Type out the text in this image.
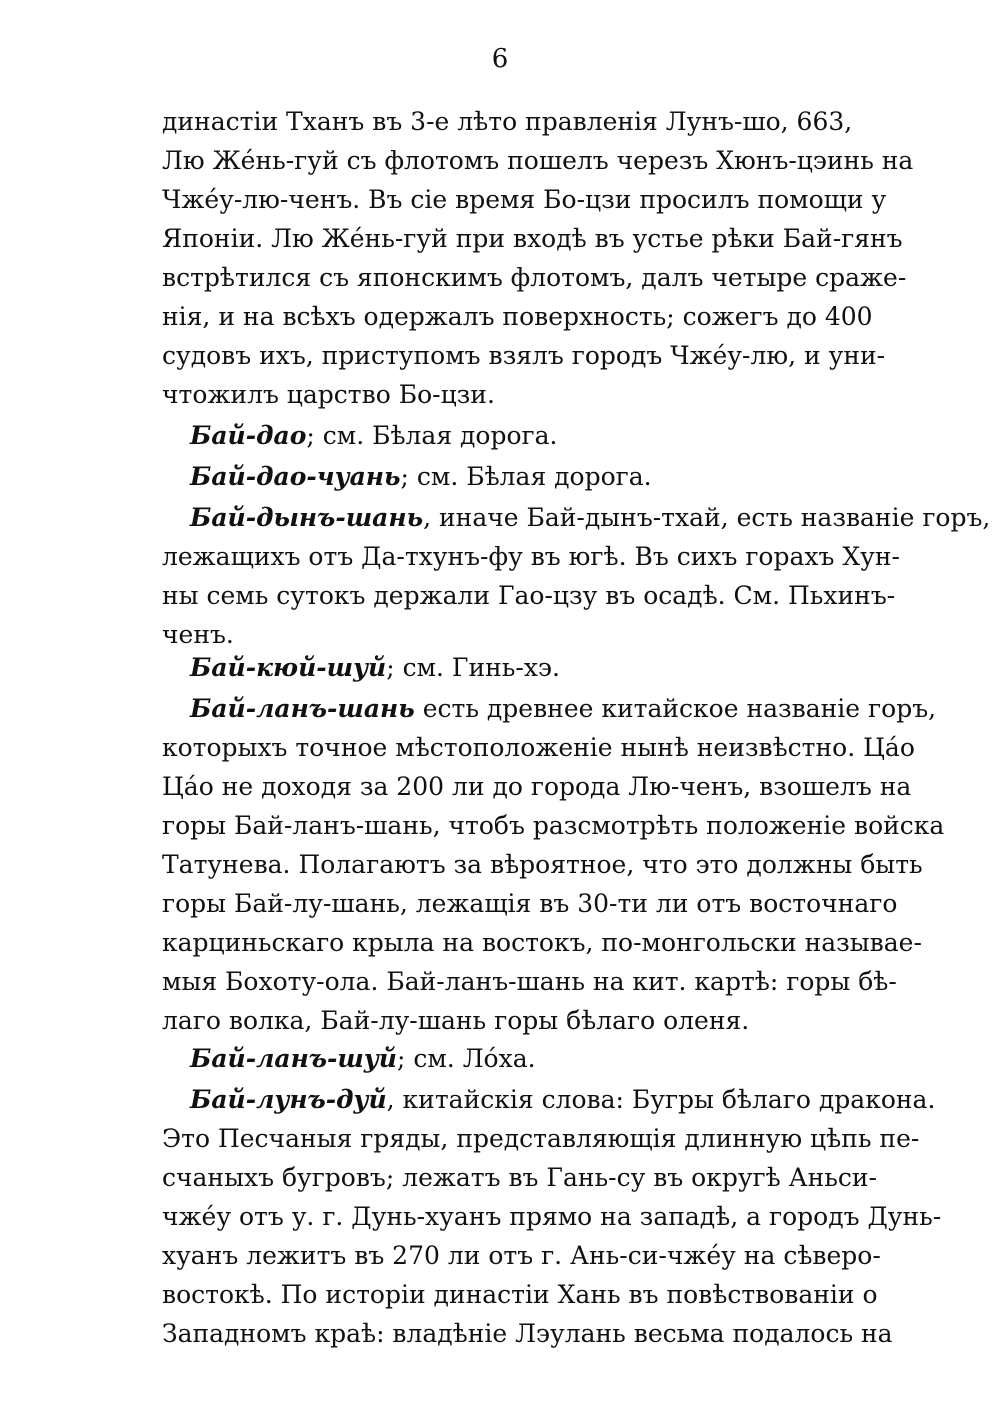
6
династіи Тханъ въ 3-е лѣто правленія Лунъ-шо, 663,
Лю Жéнь-гуй съ флотомъ пошелъ черезъ Хюнъ-цэинь на
Чжéу-лю-ченъ. Въ сіе время Бо-цзи просилъ помощи у
Японіи. Лю Жéнь-гуй при входѣ въ устье рѣки Бай-гянъ
встрѣтился съ японскимъ флотомъ, далъ четыре сраже-
нія, и на всѣхъ одержалъ поверхность; сожегъ до 400
судовъ ихъ, приступомъ взялъ городъ Чжéу-лю, и уни-
чтожилъ царство Бо-цзи.
Бай-дао; см. Бѣлая дорога.
Бай-дао-чуань; см. Бѣлая дорога.
Бай-дынъ-шань, иначе Бай-дынъ-тхай, есть названіе горъ,
лежащихъ отъ Да-тхунъ-фу въ югѣ. Въ сихъ горахъ Хун-
ны семь сутокъ держали Гао-цзу въ осадѣ. См. Пьхинъ-
ченъ.
Бай-кюй-шуй; см. Гинь-хэ.
Бай-ланъ-шань есть древнее китайское названіе горъ,
которыхъ точное мѣстоположеніе нынѣ неизвѣстно. Цáо
Цáо не доходя за 200 ли до города Лю-ченъ, взошелъ на
горы Бай-ланъ-шань, чтобъ разсмотрѣть положеніе войска
Татунева. Полагаютъ за вѣроятное, что это должны быть
горы Бай-лу-шань, лежащія въ 30-ти ли отъ восточнаго
карциньскаго крыла на востокъ, по-монгольски называе-
мыя Бохоту-ола. Бай-ланъ-шань на кит. картѣ: горы бѣ-
лаго волка, Бай-лу-шань горы бѣлаго оленя.
Бай-ланъ-шуй; см. Лóха.
Бай-лунъ-дуй, китайскія слова: Бугры бѣлаго дракона.
Это Песчаныя гряды, представляющія длинную цѣпь пе-
счаныхъ бугровъ; лежатъ въ Гань-су въ округѣ Аньси-
чжéу отъ у. г. Дунь-хуанъ прямо на западѣ, а городъ Дунь-
хуанъ лежитъ въ 270 ли отъ г. Ань-си-чжéу на сѣверо-
востокѣ. По исторіи династіи Хань въ повѣствованіи о
Западномъ краѣ: владѣніе Лэулань весьма подалось на
